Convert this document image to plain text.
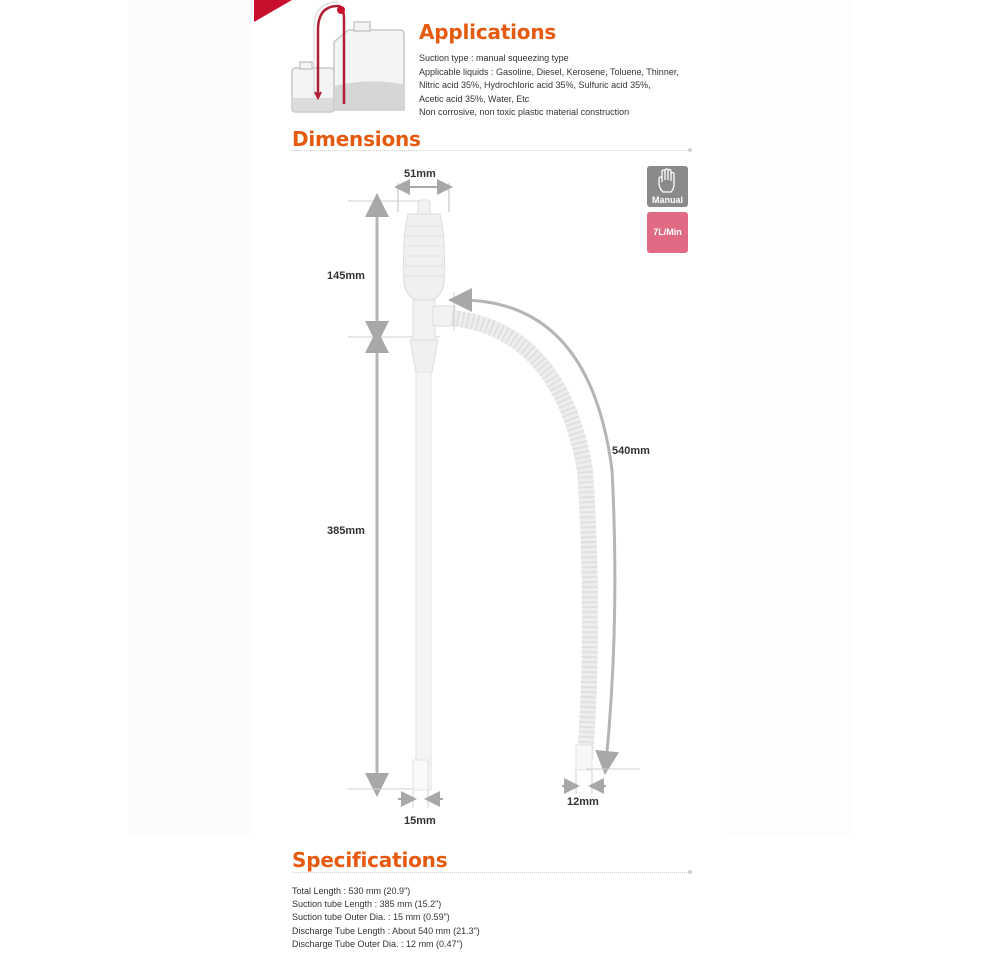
Applications
Suction type : manual squeezing type
Applicable liquids : Gasoline, Diesel, Kerosene, Toluene, Thinner,
Nitric acid 35%, Hydrochloric acid 35%, Sulfuric acid 35%,
Acetic acid 35%, Water, Etc
Non corrosive, non toxic plastic material construction
Dimensions
51mm
145mm
385mm
540mm
15mm
12mm
Manual
7L/Min
Specifications
Total Length : 530 mm (20.9")
Suction tube Length : 385 mm (15.2")
Suction tube Outer Dia. : 15 mm (0.59")
Discharge Tube Length : About 540 mm (21.3")
Discharge Tube Outer Dia. : 12 mm (0.47")
